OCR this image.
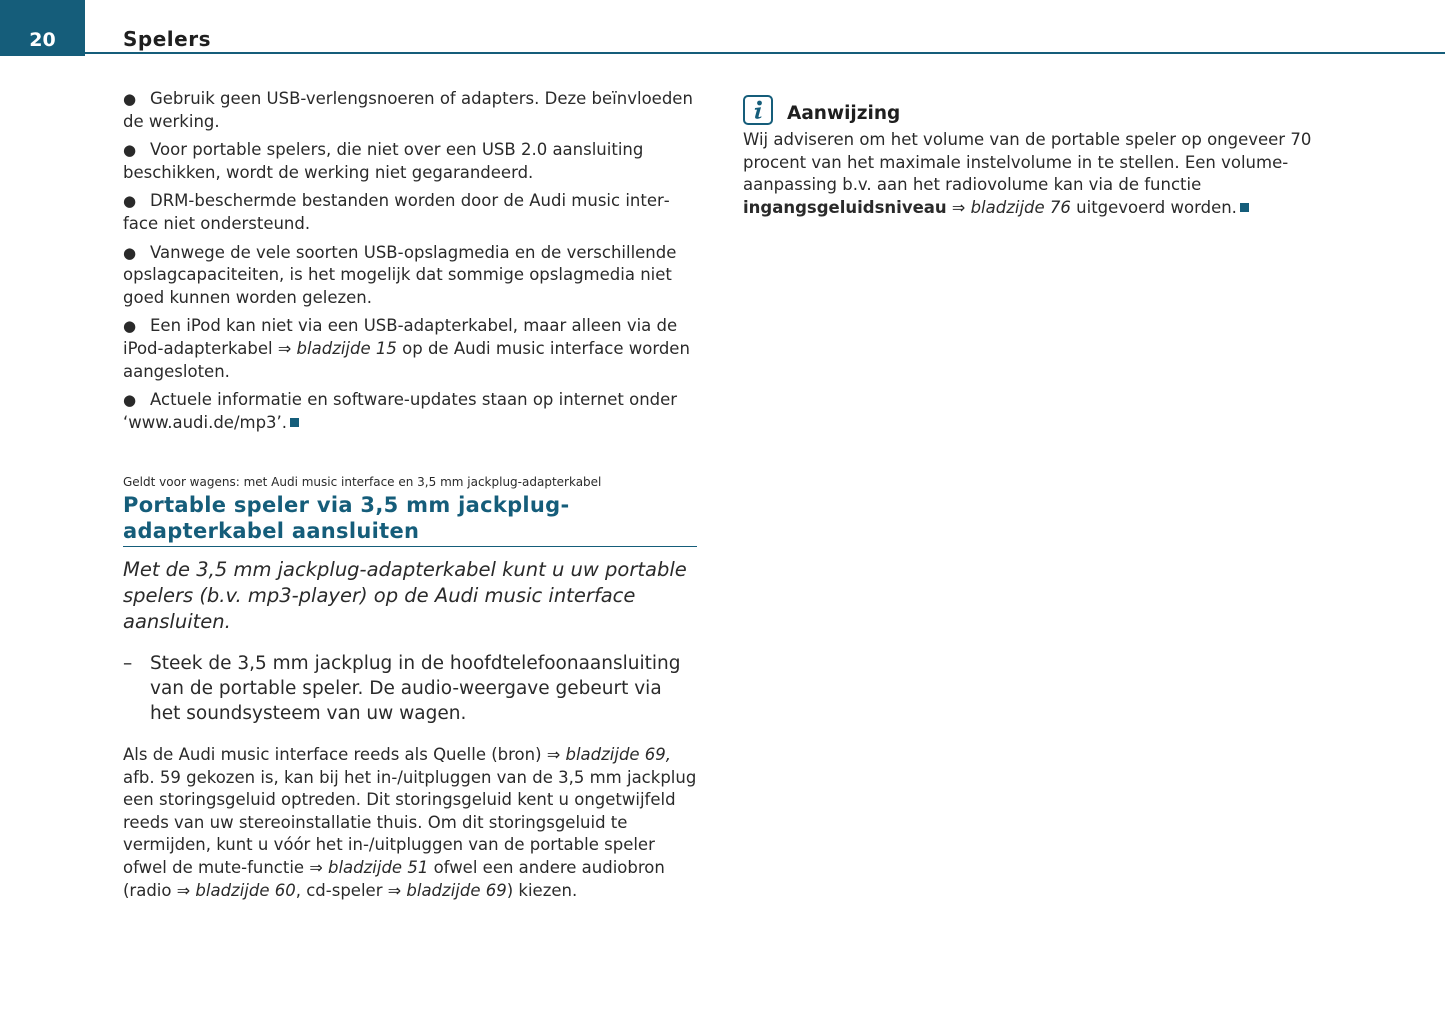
20	Spelers

● Gebruik geen USB-verlengsnoeren of adapters. Deze beïnvloeden de werking.

● Voor portable spelers, die niet over een USB 2.0 aansluiting beschikken, wordt de werking niet gegarandeerd.

● DRM-beschermde bestanden worden door de Audi music interface niet ondersteund.

● Vanwege de vele soorten USB-opslagmedia en de verschillende opslagcapaciteiten, is het mogelijk dat sommige opslagmedia niet goed kunnen worden gelezen.

● Een iPod kan niet via een USB-adapterkabel, maar alleen via de iPod-adapterkabel ⇒ bladzijde 15 op de Audi music interface worden aangesloten.

● Actuele informatie en software-updates staan op internet onder ‘www.audi.de/mp3’.

Geldt voor wagens: met Audi music interface en 3,5 mm jackplug-adapterkabel

Portable speler via 3,5 mm jackplug-adapterkabel aansluiten

Met de 3,5 mm jackplug-adapterkabel kunt u uw portable spelers (b.v. mp3-player) op de Audi music interface aansluiten.

– Steek de 3,5 mm jackplug in de hoofdtelefoonaansluiting van de portable speler. De audio-weergave gebeurt via het soundsysteem van uw wagen.

Als de Audi music interface reeds als Quelle (bron) ⇒ bladzijde 69, afb. 59 gekozen is, kan bij het in-/uitpluggen van de 3,5 mm jackplug een storingsgeluid optreden. Dit storingsgeluid kent u ongetwijfeld reeds van uw stereoinstallatie thuis. Om dit storingsgeluid te vermijden, kunt u vóór het in-/uitpluggen van de portable speler ofwel de mute-functie ⇒ bladzijde 51 ofwel een andere audiobron (radio ⇒ bladzijde 60, cd-speler ⇒ bladzijde 69) kiezen.

Aanwijzing

Wij adviseren om het volume van de portable speler op ongeveer 70 procent van het maximale instelvolume in te stellen. Een volumeaanpassing b.v. aan het radiovolume kan via de functie ingangsgeluidsniveau ⇒ bladzijde 76 uitgevoerd worden.
